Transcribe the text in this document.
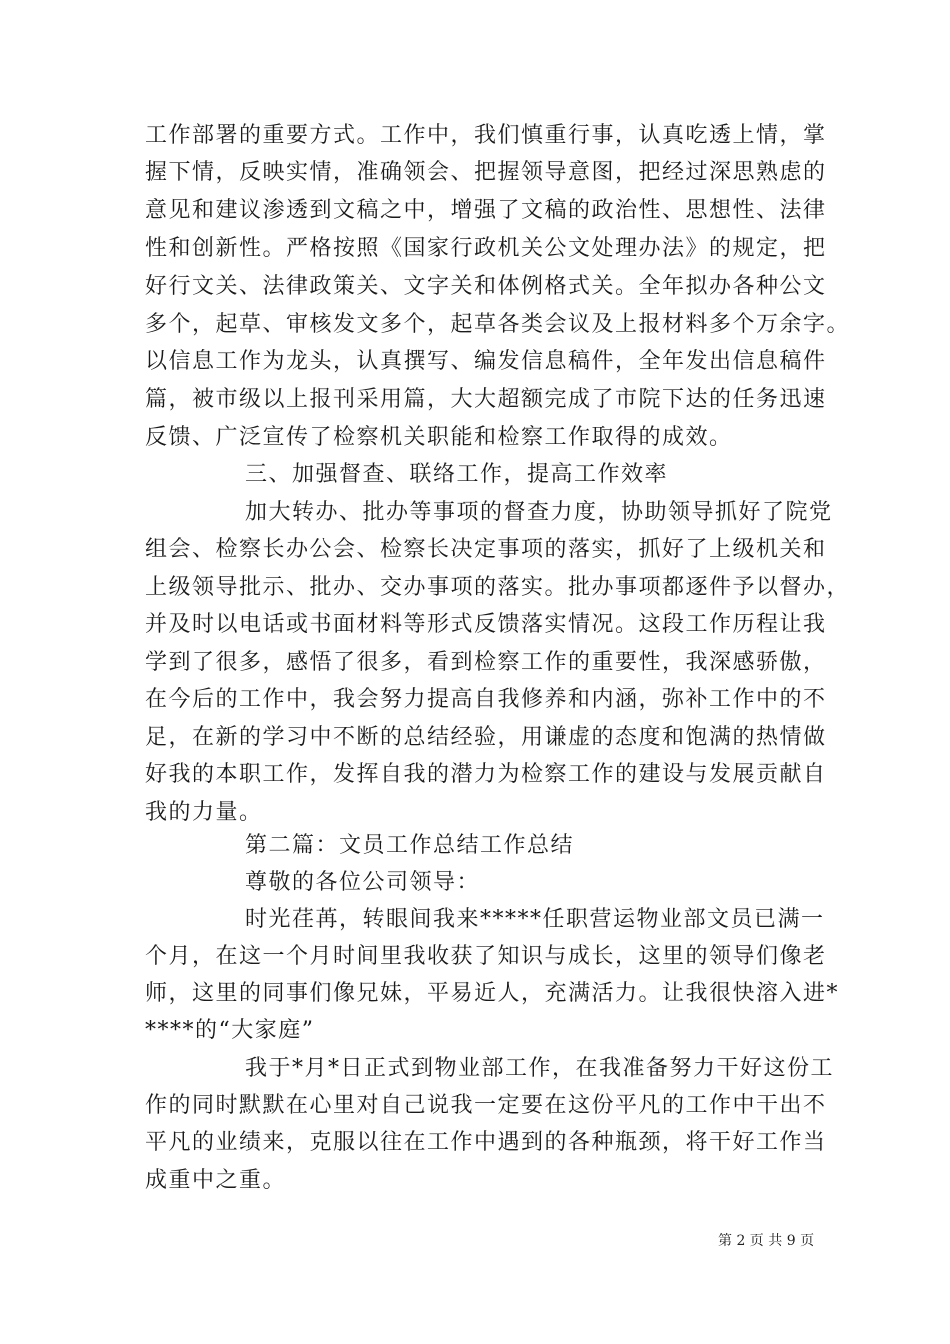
工作部署的重要方式。工作中，我们慎重行事，认真吃透上情，掌
握下情，反映实情，准确领会、把握领导意图，把经过深思熟虑的
意见和建议渗透到文稿之中，增强了文稿的政治性、思想性、法律
性和创新性。严格按照《国家行政机关公文处理办法》的规定，把
好行文关、法律政策关、文字关和体例格式关。全年拟办各种公文
多个，起草、审核发文多个，起草各类会议及上报材料多个万余字。
以信息工作为龙头，认真撰写、编发信息稿件，全年发出信息稿件
篇，被市级以上报刊采用篇，大大超额完成了市院下达的任务迅速
反馈、广泛宣传了检察机关职能和检察工作取得的成效。
三、加强督查、联络工作，提高工作效率
加大转办、批办等事项的督查力度，协助领导抓好了院党
组会、检察长办公会、检察长决定事项的落实，抓好了上级机关和
上级领导批示、批办、交办事项的落实。批办事项都逐件予以督办，
并及时以电话或书面材料等形式反馈落实情况。这段工作历程让我
学到了很多，感悟了很多，看到检察工作的重要性，我深感骄傲，
在今后的工作中，我会努力提高自我修养和内涵，弥补工作中的不
足，在新的学习中不断的总结经验，用谦虚的态度和饱满的热情做
好我的本职工作，发挥自我的潜力为检察工作的建设与发展贡献自
我的力量。
第二篇：文员工作总结工作总结
尊敬的各位公司领导：
时光荏苒，转眼间我来*****任职营运物业部文员已满一
个月，在这一个月时间里我收获了知识与成长，这里的领导们像老
师，这里的同事们像兄妹，平易近人，充满活力。让我很快溶入进*
****的“大家庭”
我于*月*日正式到物业部工作，在我准备努力干好这份工
作的同时默默在心里对自己说我一定要在这份平凡的工作中干出不
平凡的业绩来，克服以往在工作中遇到的各种瓶颈，将干好工作当
成重中之重。
第 2 页 共 9 页
